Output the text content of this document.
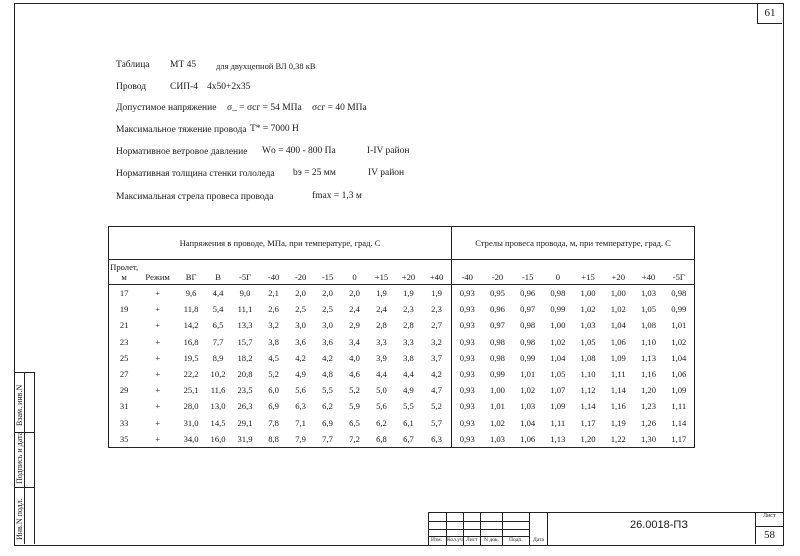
61
Таблица МТ 45 для двухцепной ВЛ 0,38 кВ
Провод	СИП-4 4х50+2х35
Допустимое напряжение σ_ = σсг = 54 МПа σсг = 40 МПа
Максимальное тяжение провода Т* = 7000 Н
Нормативное ветровое давление Wо = 400 - 800 Па	I-IV район
Нормативная толщина стенки гололеда bэ = 25 мм	IV район
Максимальная стрела провеса провода	fmax = 1,3 м
Напряжения в проводе, МПа, при температуре, град. С												Стрелы провеса провода, м, при температуре, град. С							
Пролет, м	Режим	ВГ	В	-5Г	-40	-20	-15	0	+15	+20	+40	-40	-20	-15	0	+15	+20	+40	-5Г
17	+	9,6	4,4	9,0	2,1	2,0	2,0	2,0	1,9	1,9	1,9	0,93	0,95	0,96	0,98	1,00	1,00	1,03	0,98
19	+	11,8	5,4	11,1	2,6	2,5	2,5	2,4	2,4	2,3	2,3	0,93	0,96	0,97	0,99	1,02	1,02	1,05	0,99
21	+	14,2	6,5	13,3	3,2	3,0	3,0	2,9	2,8	2,8	2,7	0,93	0,97	0,98	1,00	1,03	1,04	1,08	1,01
23	+	16,8	7,7	15,7	3,8	3,6	3,6	3,4	3,3	3,3	3,2	0,93	0,98	0,98	1,02	1,05	1,06	1,10	1,02
25	+	19,5	8,9	18,2	4,5	4,2	4,2	4,0	3,9	3,8	3,7	0,93	0,98	0,99	1,04	1,08	1,09	1,13	1,04
27	+	22,2	10,2	20,8	5,2	4,9	4,8	4,6	4,4	4,4	4,2	0,93	0,99	1,01	1,05	1,10	1,11	1,16	1,06
29	+	25,1	11,6	23,5	6,0	5,6	5,5	5,2	5,0	4,9	4,7	0,93	1,00	1,02	1,07	1,12	1,14	1,20	1,09
31	+	28,0	13,0	26,3	6,9	6,3	6,2	5,9	5,6	5,5	5,2	0,93	1,01	1,03	1,09	1,14	1,16	1,23	1,11
33	+	31,0	14,5	29,1	7,8	7,1	6,9	6,5	6,2	6,1	5,7	0,93	1,02	1,04	1,11	1,17	1,19	1,26	1,14
35	+	34,0	16,0	31,9	8,8	7,9	7,7	7,2	6,8	6,7	6,3	0,93	1,03	1,06	1,13	1,20	1,22	1,30	1,17
Взам. инв.N
Подпись и дата
Инв.N подл.	Изм. Кол.уч Лист N док. Подп. Дата
26.0018-ПЗ
Лист
58
